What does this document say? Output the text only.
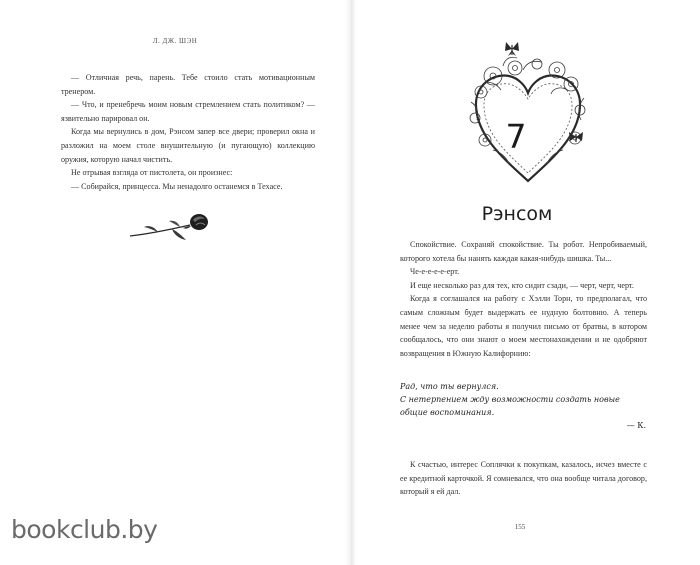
Л. ДЖ. ШЭН

— Отличная речь, парень. Тебе стоило стать мотивационным тренером.

— Что, и пренебречь моим новым стремлением стать политиком? — язвительно парировал он.

Когда мы вернулись в дом, Рэнсом запер все двери; проверил окна и разложил на моем столе внушительную (и пугающую) коллекцию оружия, которую начал чистить.

Не отрывая взгляда от пистолета, он произнес:

— Собирайся, принцесса. Мы ненадолго останемся в Техасе.

7
Рэнсом

Спокойствие. Сохраняй спокойствие. Ты робот. Непробиваемый, которого хотела бы нанять каждая какая-нибудь шишка. Ты...

Че-е-е-е-е-ерт.

И еще несколько раз для тех, кто сидит сзади, — черт, черт, черт.

Когда я соглашался на работу с Хэлли Торн, то предполагал, что самым сложным будет выдержать ее нудную болтовню. А теперь менее чем за неделю работы я получил письмо от братвы, в котором сообщалось, что они знают о моем местонахождении и не одобряют возвращения в Южную Калифорнию:

Рад, что ты вернулся.
С нетерпением жду возможности создать новые общие воспоминания.
— К.

К счастью, интерес Соплячки к покупкам, казалось, исчез вместе с ее кредитной карточкой. Я сомневался, что она вообще читала договор, который я ей дал.

155
bookclub.by
